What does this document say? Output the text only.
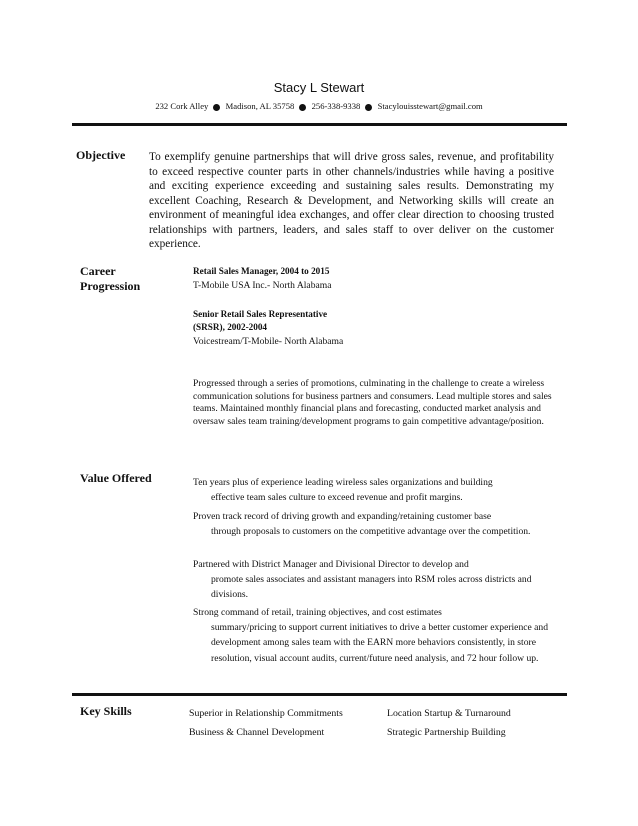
Stacy L Stewart
232 Cork Alley Madison, AL 35758 256-338-9338 Stacylouisstewart@gmail.com
Objective To exemplify genuine partnerships that will drive gross sales, revenue, and profitability to exceed respective counter parts in other channels/industries while having a positive and exciting experience exceeding and sustaining sales results. Demonstrating my excellent Coaching, Research & Development, and Networking skills will create an environment of meaningful idea exchanges, and offer clear direction to choosing trusted relationships with partners, leaders, and sales staff to over deliver on the customer experience.
Career
Progression
Retail Sales Manager, 2004 to 2015
T-Mobile USA Inc.- North Alabama
Senior Retail Sales Representative
(SRSR), 2002-2004
Voicestream/T-Mobile- North Alabama
Progressed through a series of promotions, culminating in the challenge to create a wireless communication solutions for business partners and consumers. Lead multiple stores and sales teams. Maintained monthly financial plans and forecasting, conducted market analysis and oversaw sales team training/development programs to gain competitive advantage/position.
Value Offered	Ten years plus of experience leading wireless sales organizations and building
effective team sales culture to exceed revenue and profit margins.
Proven track record of driving growth and expanding/retaining customer base
through proposals to customers on the competitive advantage over the competition.
Partnered with District Manager and Divisional Director to develop and
promote sales associates and assistant managers into RSM roles across districts and divisions.
Strong command of retail, training objectives, and cost estimates
summary/pricing to support current initiatives to drive a better customer experience and development among sales team with the EARN more behaviors consistently, in store resolution, visual account audits, current/future need analysis, and 72 hour follow up.
Key Skills	Superior in Relationship Commitments
Business & Channel Development
Location Startup & Turnaround
Strategic Partnership Building
